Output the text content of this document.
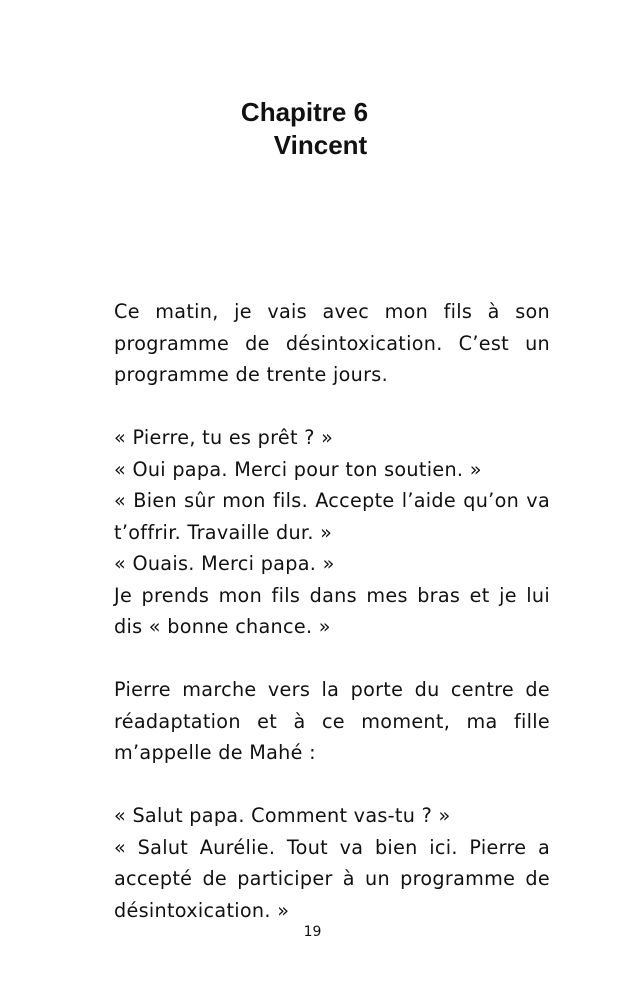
Chapitre 6
Vincent

Ce matin, je vais avec mon fils à son

programme de désintoxication. C’est un

programme de trente jours.

« Pierre, tu es prêt ? »

« Oui papa. Merci pour ton soutien. »

« Bien sûr mon fils. Accepte l’aide qu’on va

t’offrir. Travaille dur. »

« Ouais. Merci papa. »

Je prends mon fils dans mes bras et je lui

dis « bonne chance. »

Pierre marche vers la porte du centre de

réadaptation et à ce moment, ma fille

m’appelle de Mahé :

« Salut papa. Comment vas-tu ? »

« Salut Aurélie. Tout va bien ici. Pierre a

accepté de participer à un programme de

désintoxication. »

19
